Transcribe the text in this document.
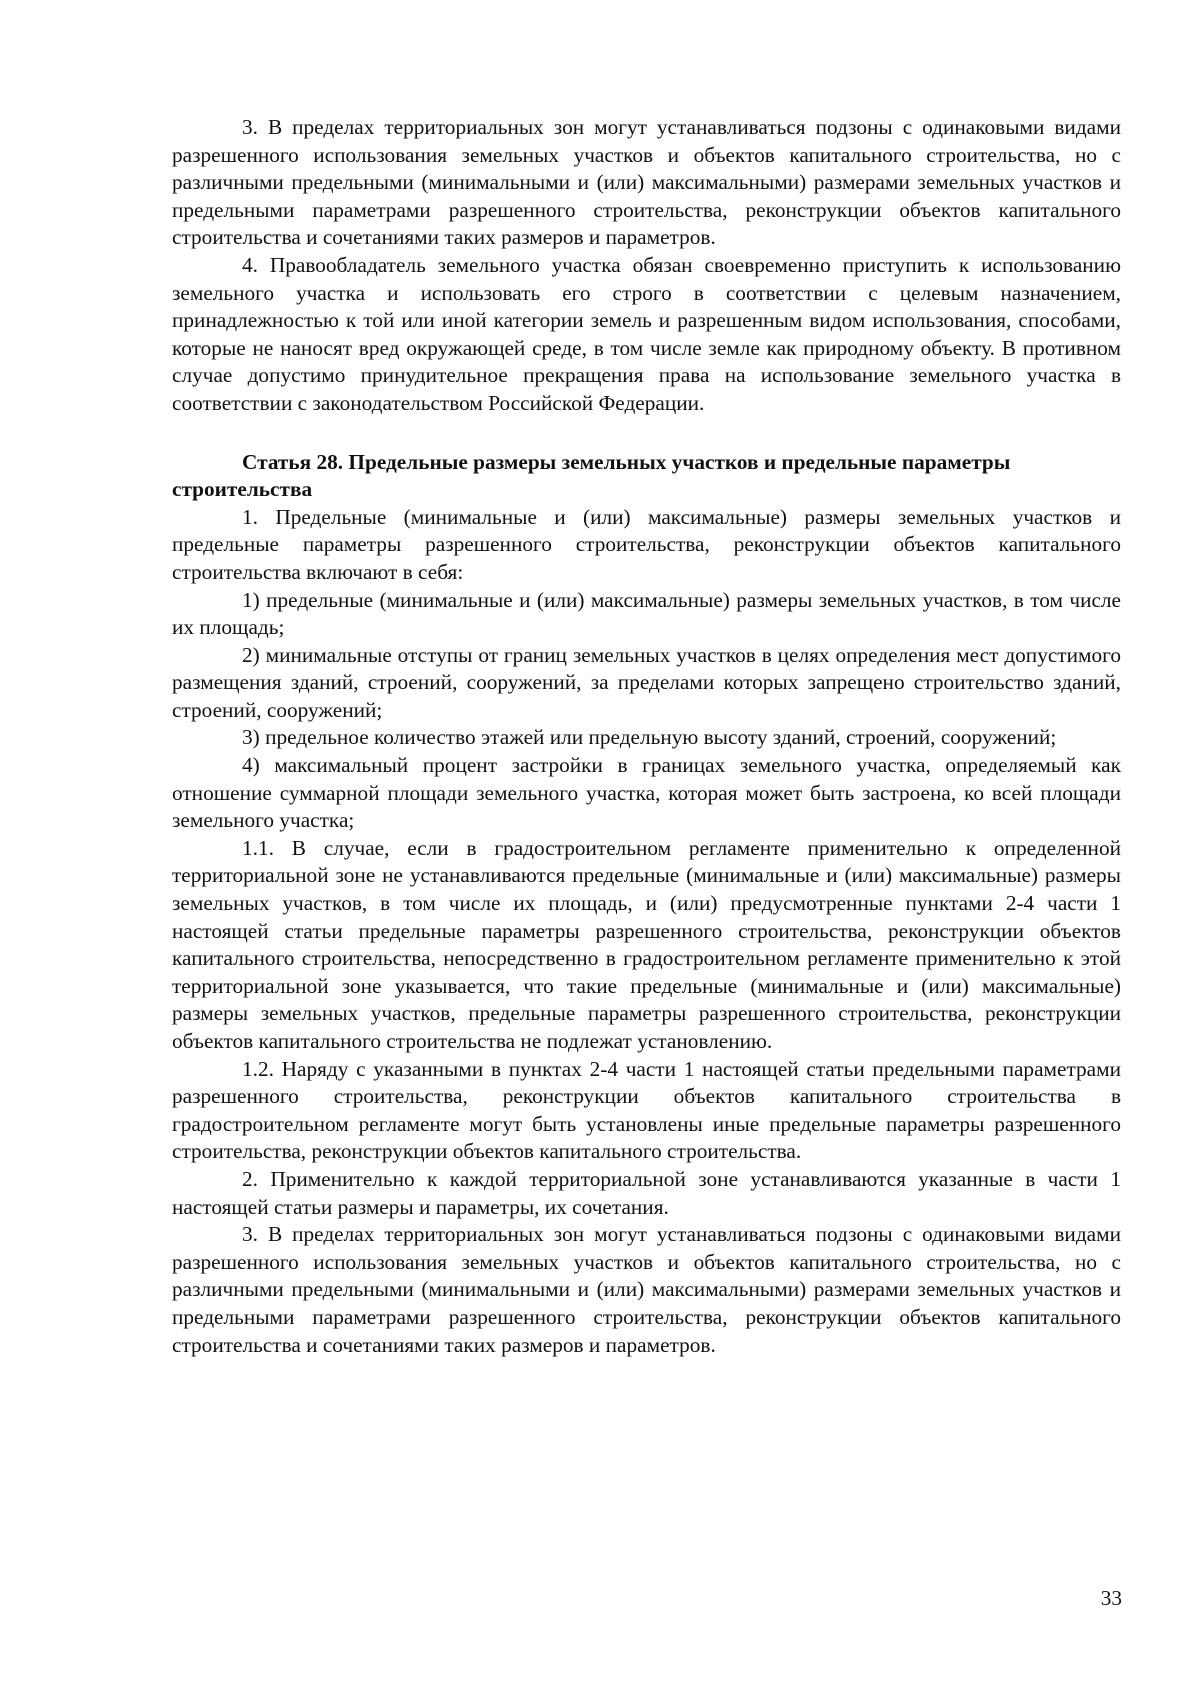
3. В пределах территориальных зон могут устанавливаться подзоны с одинаковыми видами разрешенного использования земельных участков и объектов капитального строительства, но с различными предельными (минимальными и (или) максимальными) размерами земельных участков и предельными параметрами разрешенного строительства, реконструкции объектов капитального строительства и сочетаниями таких размеров и параметров.

4. Правообладатель земельного участка обязан своевременно приступить к использованию земельного участка и использовать его строго в соответствии с целевым назначением, принадлежностью к той или иной категории земель и разрешенным видом использования, способами, которые не наносят вред окружающей среде, в том числе земле как природному объекту. В противном случае допустимо принудительное прекращения права на использование земельного участка в соответствии с законодательством Российской Федерации.

Статья 28. Предельные размеры земельных участков и предельные параметры строительства

1. Предельные (минимальные и (или) максимальные) размеры земельных участков и предельные параметры разрешенного строительства, реконструкции объектов капитального строительства включают в себя:

1) предельные (минимальные и (или) максимальные) размеры земельных участков, в том числе их площадь;

2) минимальные отступы от границ земельных участков в целях определения мест допустимого размещения зданий, строений, сооружений, за пределами которых запрещено строительство зданий, строений, сооружений;

3) предельное количество этажей или предельную высоту зданий, строений, сооружений;

4) максимальный процент застройки в границах земельного участка, определяемый как отношение суммарной площади земельного участка, которая может быть застроена, ко всей площади земельного участка;

1.1. В случае, если в градостроительном регламенте применительно к определенной территориальной зоне не устанавливаются предельные (минимальные и (или) максимальные) размеры земельных участков, в том числе их площадь, и (или) предусмотренные пунктами 2-4 части 1 настоящей статьи предельные параметры разрешенного строительства, реконструкции объектов капитального строительства, непосредственно в градостроительном регламенте применительно к этой территориальной зоне указывается, что такие предельные (минимальные и (или) максимальные) размеры земельных участков, предельные параметры разрешенного строительства, реконструкции объектов капитального строительства не подлежат установлению.

1.2. Наряду с указанными в пунктах 2-4 части 1 настоящей статьи предельными параметрами разрешенного строительства, реконструкции объектов капитального строительства в градостроительном регламенте могут быть установлены иные предельные параметры разрешенного строительства, реконструкции объектов капитального строительства.

2. Применительно к каждой территориальной зоне устанавливаются указанные в части 1 настоящей статьи размеры и параметры, их сочетания.

3. В пределах территориальных зон могут устанавливаться подзоны с одинаковыми видами разрешенного использования земельных участков и объектов капитального строительства, но с различными предельными (минимальными и (или) максимальными) размерами земельных участков и предельными параметрами разрешенного строительства, реконструкции объектов капитального строительства и сочетаниями таких размеров и параметров.

33
